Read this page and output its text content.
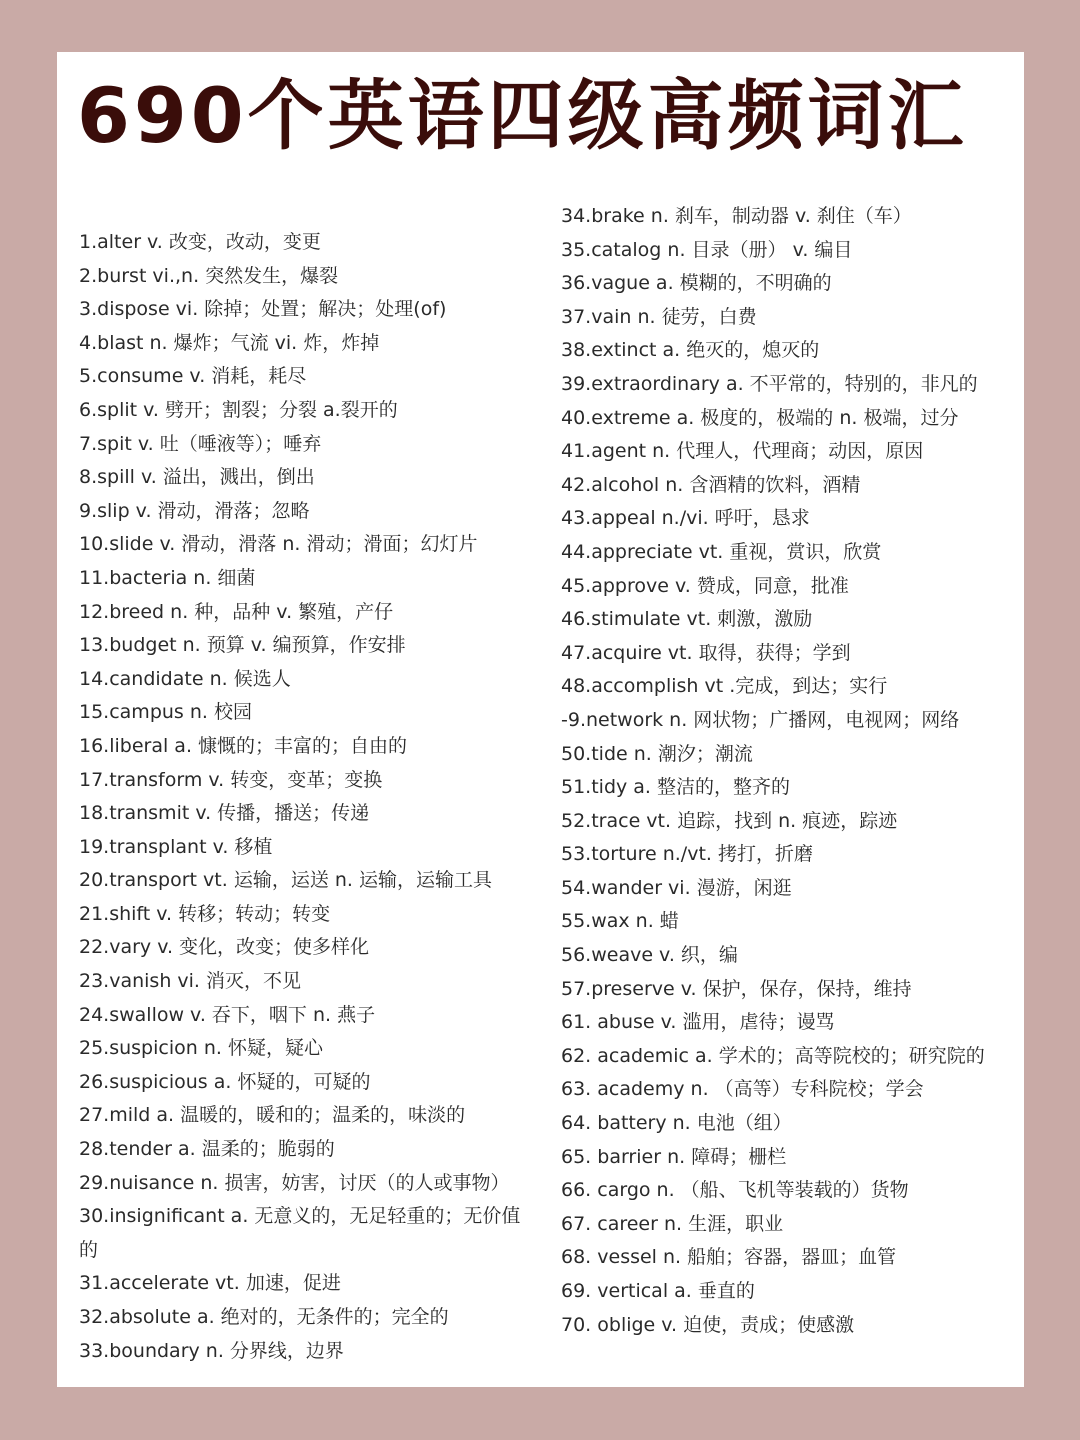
690个英语四级高频词汇
1.alter v. 改变，改动，变更
2.burst vi.,n. 突然发生，爆裂
3.dispose vi. 除掉；处置；解决；处理(of)
4.blast n. 爆炸；气流 vi. 炸，炸掉
5.consume v. 消耗，耗尽
6.split v. 劈开；割裂；分裂 a.裂开的
7.spit v. 吐（唾液等）；唾弃
8.spill v. 溢出，溅出，倒出
9.slip v. 滑动，滑落；忽略
10.slide v. 滑动，滑落 n. 滑动；滑面；幻灯片
11.bacteria n. 细菌
12.breed n. 种，品种 v. 繁殖，产仔
13.budget n. 预算 v. 编预算，作安排
14.candidate n. 候选人
15.campus n. 校园
16.liberal a. 慷慨的；丰富的；自由的
17.transform v. 转变，变革；变换
18.transmit v. 传播，播送；传递
19.transplant v. 移植
20.transport vt. 运输，运送 n. 运输，运输工具
21.shift v. 转移；转动；转变
22.vary v. 变化，改变；使多样化
23.vanish vi. 消灭，不见
24.swallow v. 吞下，咽下 n. 燕子
25.suspicion n. 怀疑，疑心
26.suspicious a. 怀疑的，可疑的
27.mild a. 温暖的，暖和的；温柔的，味淡的
28.tender a. 温柔的；脆弱的
29.nuisance n. 损害，妨害，讨厌（的人或事物）
30.insignificant a. 无意义的，无足轻重的；无价值的
31.accelerate vt. 加速，促进
32.absolute a. 绝对的，无条件的；完全的
33.boundary n. 分界线，边界
34.brake n. 刹车，制动器 v. 刹住（车）
35.catalog n. 目录（册） v. 编目
36.vague a. 模糊的，不明确的
37.vain n. 徒劳，白费
38.extinct a. 绝灭的，熄灭的
39.extraordinary a. 不平常的，特别的，非凡的
40.extreme a. 极度的，极端的 n. 极端，过分
41.agent n. 代理人，代理商；动因，原因
42.alcohol n. 含酒精的饮料，酒精
43.appeal n./vi. 呼吁，恳求
44.appreciate vt. 重视，赏识，欣赏
45.approve v. 赞成，同意，批准
46.stimulate vt. 刺激，激励
47.acquire vt. 取得，获得；学到
48.accomplish vt .完成，到达；实行
-9.network n. 网状物；广播网，电视网；网络
50.tide n. 潮汐；潮流
51.tidy a. 整洁的，整齐的
52.trace vt. 追踪，找到 n. 痕迹，踪迹
53.torture n./vt. 拷打，折磨
54.wander vi. 漫游，闲逛
55.wax n. 蜡
56.weave v. 织，编
57.preserve v. 保护，保存，保持，维持
61. abuse v. 滥用，虐待；谩骂
62. academic a. 学术的；高等院校的；研究院的
63. academy n. （高等）专科院校；学会
64. battery n. 电池（组）
65. barrier n. 障碍；栅栏
66. cargo n. （船、飞机等装载的）货物
67. career n. 生涯，职业
68. vessel n. 船舶；容器，器皿；血管
69. vertical a. 垂直的
70. oblige v. 迫使，责成；使感激
